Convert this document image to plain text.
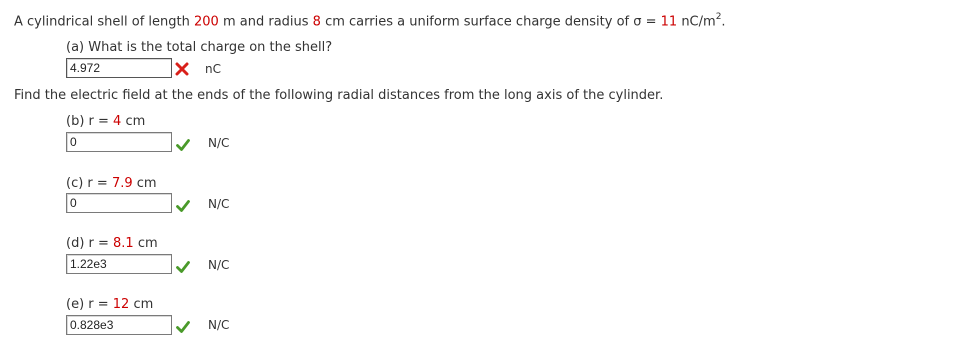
A cylindrical shell of length 200 m and radius 8 cm carries a uniform surface charge density of σ = 11 $nC/m^2$.
(a) What is the total charge on the shell?
4.972	nC
Find the electric field at the ends of the following radial distances from the long axis of the cylinder.
(b) r = 4 cm
0	N/C
(c) r = 7.9 cm
0	N/C
(d) r = 8.1 cm
1.22e3	N/C
(e) r = 12 cm
0.828e3	N/C
